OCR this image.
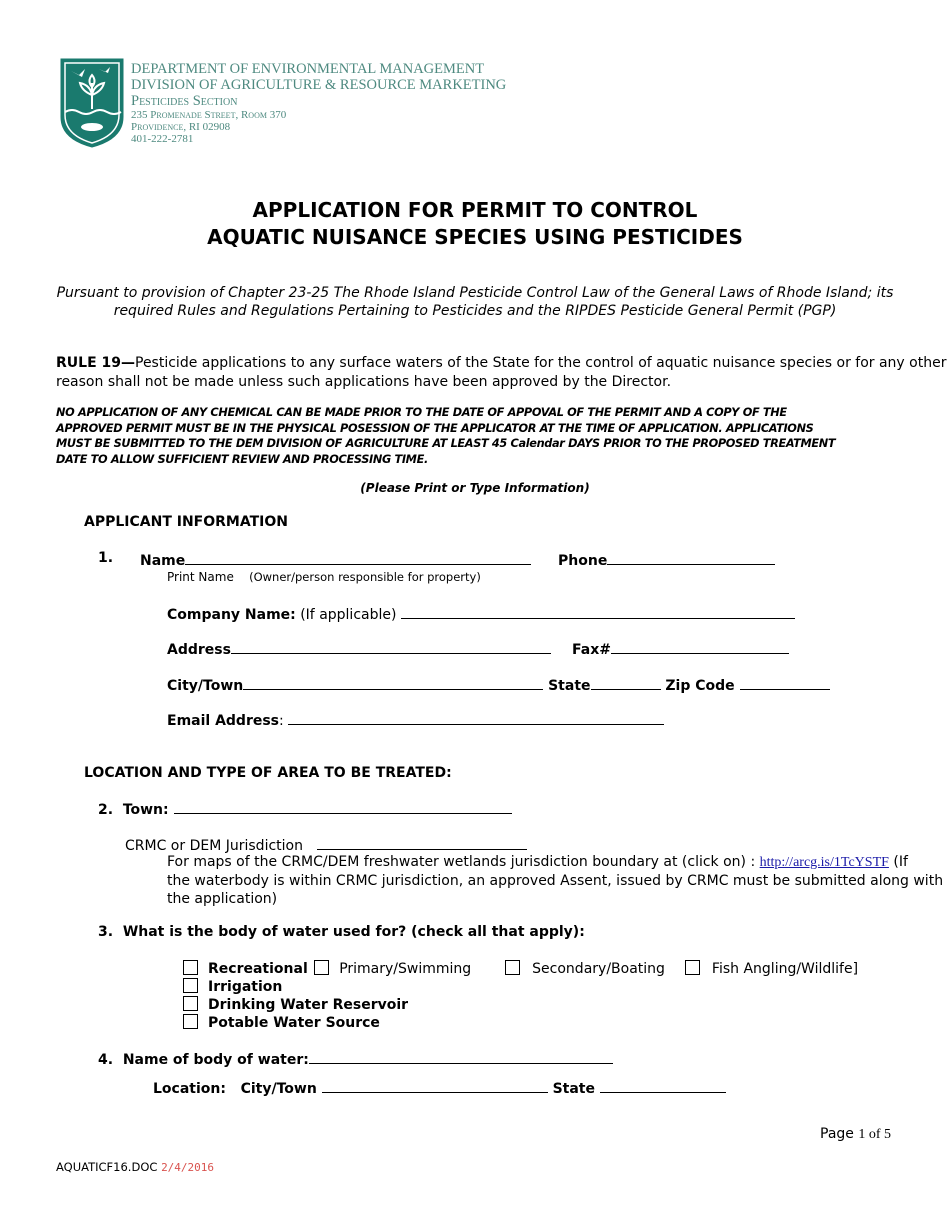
DEPARTMENT OF ENVIRONMENTAL MANAGEMENT
DIVISION OF AGRICULTURE & RESOURCE MARKETING
Pesticides Section
235 Promenade Street, Room 370
Providence, RI 02908
401-222-2781
APPLICATION FOR PERMIT TO CONTROL
AQUATIC NUISANCE SPECIES USING PESTICIDES
Pursuant to provision of Chapter 23-25 The Rhode Island Pesticide Control Law of the General Laws of Rhode Island; its
required Rules and Regulations Pertaining to Pesticides and the RIPDES Pesticide General Permit (PGP)
RULE 19—Pesticide applications to any surface waters of the State for the control of aquatic nuisance species or for any other
reason shall not be made unless such applications have been approved by the Director.
NO APPLICATION OF ANY CHEMICAL CAN BE MADE PRIOR TO THE DATE OF APPOVAL OF THE PERMIT AND A COPY OF THE
APPROVED PERMIT MUST BE IN THE PHYSICAL POSESSION OF THE APPLICATOR AT THE TIME OF APPLICATION. APPLICATIONS
MUST BE SUBMITTED TO THE DEM DIVISION OF AGRICULTURE AT LEAST 45 Calendar DAYS PRIOR TO THE PROPOSED TREATMENT
DATE TO ALLOW SUFFICIENT REVIEW AND PROCESSING TIME.
(Please Print or Type Information)
APPLICANT INFORMATION
1. Name	Phone
Print Name (Owner/person responsible for property)
Company Name: (If applicable)
Address	Fax#
City/Town	State	Zip Code
Email Address:
LOCATION AND TYPE OF AREA TO BE TREATED:
2. Town:
CRMC or DEM Jurisdiction
For maps of the CRMC/DEM freshwater wetlands jurisdiction boundary at (click on) : http://arcg.is/1TcYSTF (If
the waterbody is within CRMC jurisdiction, an approved Assent, issued by CRMC must be submitted along with
the application)
3. What is the body of water used for? (check all that apply):
Recreational Primary/Swimming	Secondary/Boating	Fish Angling/Wildlife]
Irrigation
Drinking Water Reservoir
Potable Water Source
4. Name of body of water:
Location: City/Town	State
Page 1 of 5
AQUATICF16.DOC 2/4/2016
